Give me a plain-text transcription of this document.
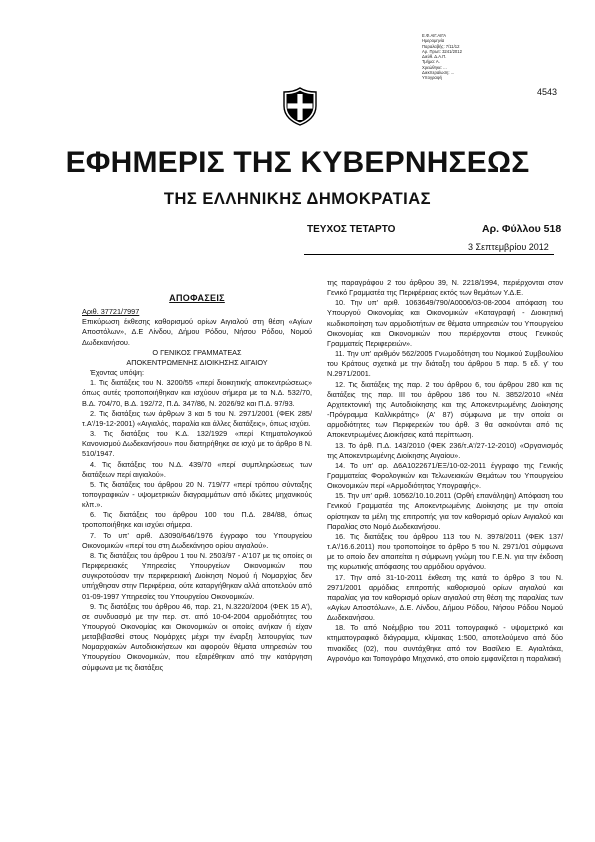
4543
Ε.Φ.ΑΙΓ.ΑΙΓΑ
Ημερομηνία
Παραλαβής: 7/11/12
Αρ. Πρωτ: 3241/2012
Διεύθ. Δ.Α.Π.
Τμήμα: Α.
Χρεώθηκε: ...
Διεκπεραίωση: ...
Υπογραφή
ΕΦΗΜΕΡΙΣ ΤΗΣ ΚΥΒΕΡΝΗΣΕΩΣ
ΤΗΣ ΕΛΛΗΝΙΚΗΣ ΔΗΜΟΚΡΑΤΙΑΣ
ΤΕΥΧΟΣ ΤΕΤΑΡΤΟ	Αρ. Φύλλου 518
3 Σεπτεμβρίου 2012
ΑΠΟΦΑΣΕΙΣ

Αριθ. 37721/7997

Επικύρωση έκθεσης καθορισμού ορίων Αιγιαλού στη θέση «Αγίων Αποστόλων», Δ.Ε Λίνδου, Δήμου Ρόδου, Νήσου Ρόδου, Νομού Δωδεκανήσου.

Ο ΓΕΝΙΚΟΣ ΓΡΑΜΜΑΤΕΑΣ

ΑΠΟΚΕΝΤΡΩΜΕΝΗΣ ΔΙΟΙΚΗΣΗΣ ΑΙΓΑΙΟΥ

Έχοντας υπόψη:

1. Τις διατάξεις του Ν. 3200/55 «περί διοικητικής αποκεντρώσεως» όπως αυτές τροποποιήθηκαν και ισχύουν σήμερα με τα Ν.Δ. 532/70, Β.Δ. 704/70, Β.Δ. 192/72, Π.Δ. 347/86, Ν. 2026/92 και Π.Δ. 97/93.

2. Τις διατάξεις των άρθρων 3 και 5 του Ν. 2971/2001 (ΦΕΚ 285/τ.Α'/19-12-2001) «Αιγιαλός, παραλία και άλλες διατάξεις», όπως ισχύει.

3. Τις διατάξεις του Κ.Δ. 132/1929 «περί Κτηματολογικού Κανονισμού Δωδεκανήσου» που διατηρήθηκε σε ισχύ με το άρθρο 8 Ν. 510/1947.

4. Τις διατάξεις του Ν.Δ. 439/70 «περί συμπληρώσεως των διατάξεων περί αιγιαλού».

5. Τις διατάξεις του άρθρου 20 Ν. 719/77 «περί τρόπου σύνταξης τοπογραφικών - υψομετρικών διαγραμμάτων από ιδιώτες μηχανικούς κλπ.».

6. Τις διατάξεις του άρθρου 100 του Π.Δ. 284/88, όπως τροποποιήθηκε και ισχύει σήμερα.

7. Το υπ' αριθ. Δ3090/646/1976 έγγραφο του Υπουργείου Οικονομικών «περί του στη Δωδεκάνησο ορίου αιγιαλού».

8. Τις διατάξεις του άρθρου 1 του Ν. 2503/97 - Α'107 με τις οποίες οι Περιφερειακές Υπηρεσίες Υπουργείων Οικονομικών που συγκροτούσαν την περιφερειακή Διοίκηση Νομού ή Νομαρχίας δεν υπήχθησαν στην Περιφέρεια, ούτε καταργήθηκαν αλλά αποτελούν από 01-09-1997 Υπηρεσίες του Υπουργείου Οικονομικών.

9. Τις διατάξεις του άρθρου 46, παρ. 21, Ν.3220/2004 (ΦΕΚ 15 Α'), σε συνδυασμό με την περ. στ. από 10-04-2004 αρμοδιότητες του Υπουργού Οικονομίας και Οικονομικών οι οποίες ανήκαν ή είχαν μεταβιβασθεί στους Νομάρχες μέχρι την έναρξη λειτουργίας των Νομαρχιακών Αυτοδιοικήσεων και αφορούν θέματα υπηρεσιών του Υπουργείου Οικονομικών, που εξαιρέθηκαν από την κατάργηση σύμφωνα με τις διατάξεις

της παραγράφου 2 του άρθρου 39, Ν. 2218/1994, περιέρχονται στον Γενικό Γραμματέα της Περιφέρειας εκτός των θεμάτων Υ.Δ.Ε.

10. Την υπ' αριθ. 1063649/790/Α0006/03-08-2004 απόφαση του Υπουργού Οικονομίας και Οικονομικών «Καταγραφή - Διοικητική κωδικοποίηση των αρμοδιοτήτων σε θέματα υπηρεσιών του Υπουργείου Οικονομίας και Οικονομικών που περιέρχονται στους Γενικούς Γραμματείς Περιφερειών».

11. Την υπ' αριθμόν 562/2005 Γνωμοδότηση του Νομικού Συμβουλίου του Κράτους σχετικά με την διάταξη του άρθρου 5 παρ. 5 εδ. γ' του Ν.2971/2001.

12. Τις διατάξεις της παρ. 2 του άρθρου 6, του άρθρου 280 και τις διατάξεις της παρ. ΙΙΙ του άρθρου 186 του Ν. 3852/2010 «Νέα Αρχιτεκτονική της Αυτοδιοίκησης και της Αποκεντρωμένης Διοίκησης -Πρόγραμμα Καλλικράτης» (Α' 87) σύμφωνα με την οποία οι αρμοδιότητες των Περιφερειών του άρθ. 3 θα ασκούνται από τις Αποκεντρωμένες Διοικήσεις κατά περίπτωση.

13. Το άρθ. Π.Δ. 143/2010 (ΦΕΚ 236/τ.Α'/27-12-2010) «Οργανισμός της Αποκεντρωμένης Διοίκησης Αιγαίου».

14. Το υπ' αρ. Δ6Α1022671/ΕΞ/10-02-2011 έγγραφο της Γενικής Γραμματείας Φορολογικών και Τελωνειακών Θεμάτων του Υπουργείου Οικονομικών περί «Αρμοδιότητας Υπογραφής».

15. Την υπ' αριθ. 10562/10.10.2011 (Ορθή επανάληψη) Απόφαση του Γενικού Γραμματέα της Αποκεντρωμένης Διοίκησης με την οποία ορίστηκαν τα μέλη της επιτροπής για τον καθορισμό ορίων Αιγιαλού και Παραλίας στο Νομό Δωδεκανήσου.

16. Τις διατάξεις του άρθρου 113 του Ν. 3978/2011 (ΦΕΚ 137/τ.Α'/16.6.2011) που τροποποίησε το άρθρο 5 του Ν. 2971/01 σύμφωνα με το οποίο δεν απαιτείται η σύμφωνη γνώμη του Γ.Ε.Ν. για την έκδοση της κυρωτικής απόφασης του αρμόδιου οργάνου.

17. Την από 31-10-2011 έκθεση της κατά το άρθρο 3 του Ν. 2971/2001 αρμόδιας επιτροπής καθορισμού ορίων αιγιαλού και παραλίας για τον καθορισμό ορίων αιγιαλού στη θέση της παραλίας των «Αγίων Αποστόλων», Δ.Ε. Λίνδου, Δήμου Ρόδου, Νήσου Ρόδου Νομού Δωδεκανήσου.

18. Το από Νοέμβριο του 2011 τοπογραφικό - υψομετρικό και κτηματογραφικό διάγραμμα, κλίμακας 1:500, αποτελούμενο από δύο πινακίδες (02), που συντάχθηκε από τον Βασίλειο Ε. Αγιαλτάκα, Αγρονόμο και Τοπογράφο Μηχανικό, στο οποίο εμφανίζεται η παραλιακή
